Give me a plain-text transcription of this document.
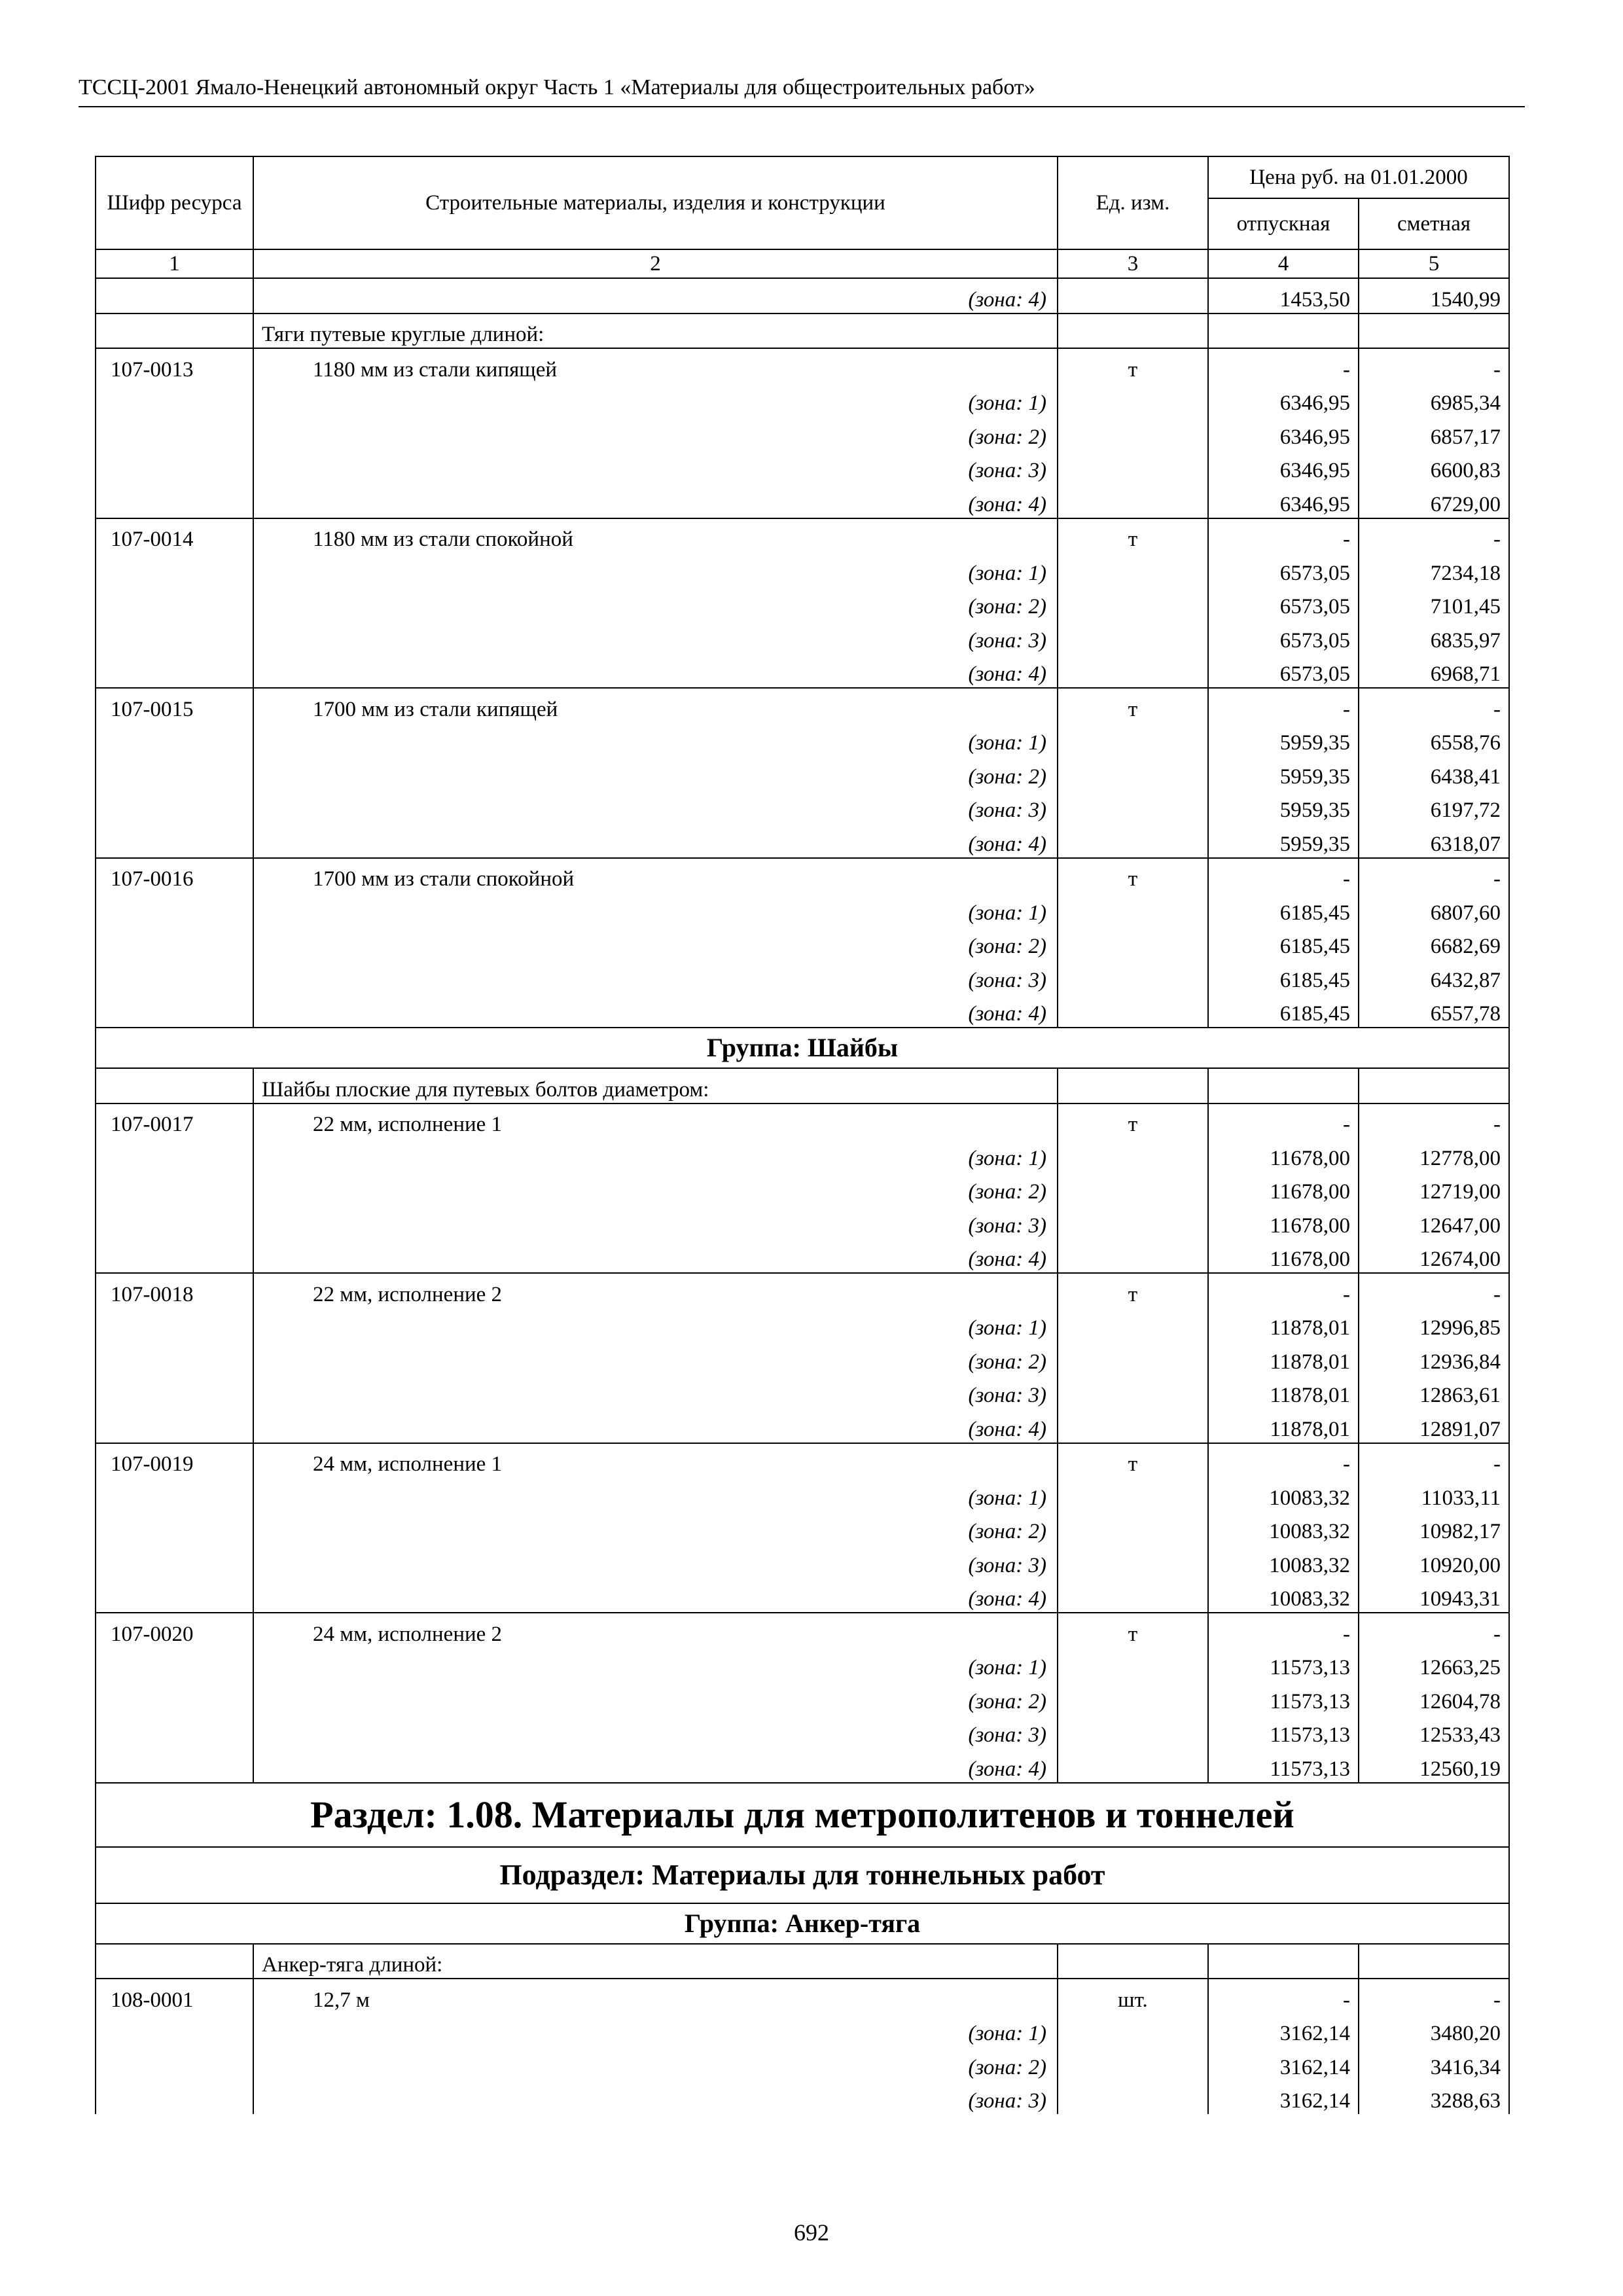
ТССЦ-2001 Ямало-Ненецкий автономный округ Часть 1 «Материалы для общестроительных работ»
Шифр ресурса	Строительные материалы, изделия и конструкции	Ед. изм.	Цена руб. на 01.01.2000	
			отпускная	сметная
1	2	3	4	5
	(зона: 4)		1453,50	1540,99
	Тяги путевые круглые длиной:			
107-0013	1180 мм из стали кипящей	т	-	-
	(зона: 1)		6346,95	6985,34
	(зона: 2)		6346,95	6857,17
	(зона: 3)		6346,95	6600,83
	(зона: 4)		6346,95	6729,00
107-0014	1180 мм из стали спокойной	т	-	-
	(зона: 1)		6573,05	7234,18
	(зона: 2)		6573,05	7101,45
	(зона: 3)		6573,05	6835,97
	(зона: 4)		6573,05	6968,71
107-0015	1700 мм из стали кипящей	т	-	-
	(зона: 1)		5959,35	6558,76
	(зона: 2)		5959,35	6438,41
	(зона: 3)		5959,35	6197,72
	(зона: 4)		5959,35	6318,07
107-0016	1700 мм из стали спокойной	т	-	-
	(зона: 1)		6185,45	6807,60
	(зона: 2)		6185,45	6682,69
	(зона: 3)		6185,45	6432,87
	(зона: 4)		6185,45	6557,78
Группа: Шайбы				
	Шайбы плоские для путевых болтов диаметром:			
107-0017	22 мм, исполнение 1	т	-	-
	(зона: 1)		11678,00	12778,00
	(зона: 2)		11678,00	12719,00
	(зона: 3)		11678,00	12647,00
	(зона: 4)		11678,00	12674,00
107-0018	22 мм, исполнение 2	т	-	-
	(зона: 1)		11878,01	12996,85
	(зона: 2)		11878,01	12936,84
	(зона: 3)		11878,01	12863,61
	(зона: 4)		11878,01	12891,07
107-0019	24 мм, исполнение 1	т	-	-
	(зона: 1)		10083,32	11033,11
	(зона: 2)		10083,32	10982,17
	(зона: 3)		10083,32	10920,00
	(зона: 4)		10083,32	10943,31
107-0020	24 мм, исполнение 2	т	-	-
	(зона: 1)		11573,13	12663,25
	(зона: 2)		11573,13	12604,78
	(зона: 3)		11573,13	12533,43
	(зона: 4)		11573,13	12560,19
Раздел: 1.08. Материалы для метрополитенов и тоннелей				
Подраздел: Материалы для тоннельных работ				
Группа: Анкер-тяга				
	Анкер-тяга длиной:			
108-0001	12,7 м	шт.	-	-
	(зона: 1)		3162,14	3480,20
	(зона: 2)		3162,14	3416,34
	(зона: 3)		3162,14	3288,63
692
